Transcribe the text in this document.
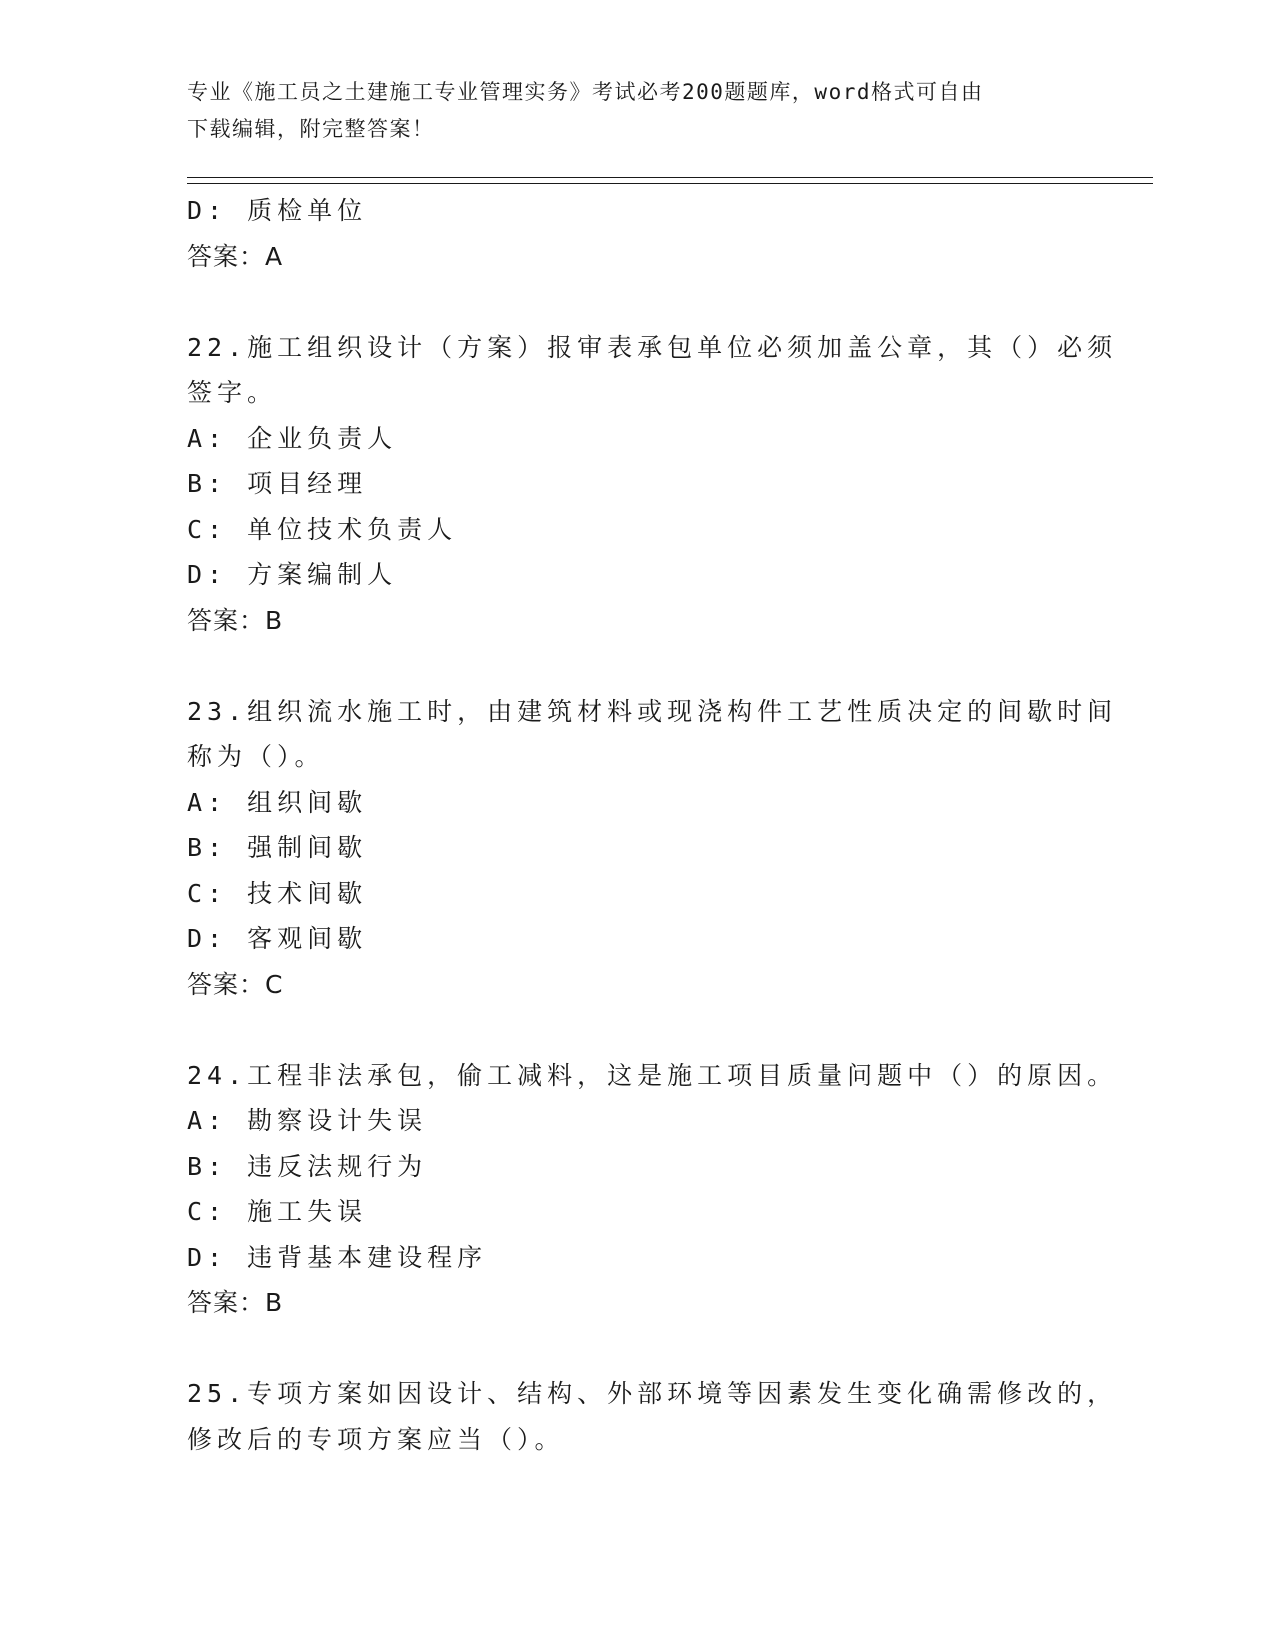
专业《施工员之土建施工专业管理实务》考试必考200题题库，word格式可自由
下载编辑，附完整答案！
D: 质检单位
答案：A
22.施工组织设计（方案）报审表承包单位必须加盖公章，其（）必须
签字。
A: 企业负责人
B: 项目经理
C: 单位技术负责人
D: 方案编制人
答案：B
23.组织流水施工时，由建筑材料或现浇构件工艺性质决定的间歇时间
称为（）。
A: 组织间歇
B: 强制间歇
C: 技术间歇
D: 客观间歇
答案：C
24.工程非法承包，偷工减料，这是施工项目质量问题中（）的原因。
A: 勘察设计失误
B: 违反法规行为
C: 施工失误
D: 违背基本建设程序
答案：B
25.专项方案如因设计、结构、外部环境等因素发生变化确需修改的，
修改后的专项方案应当（）。
